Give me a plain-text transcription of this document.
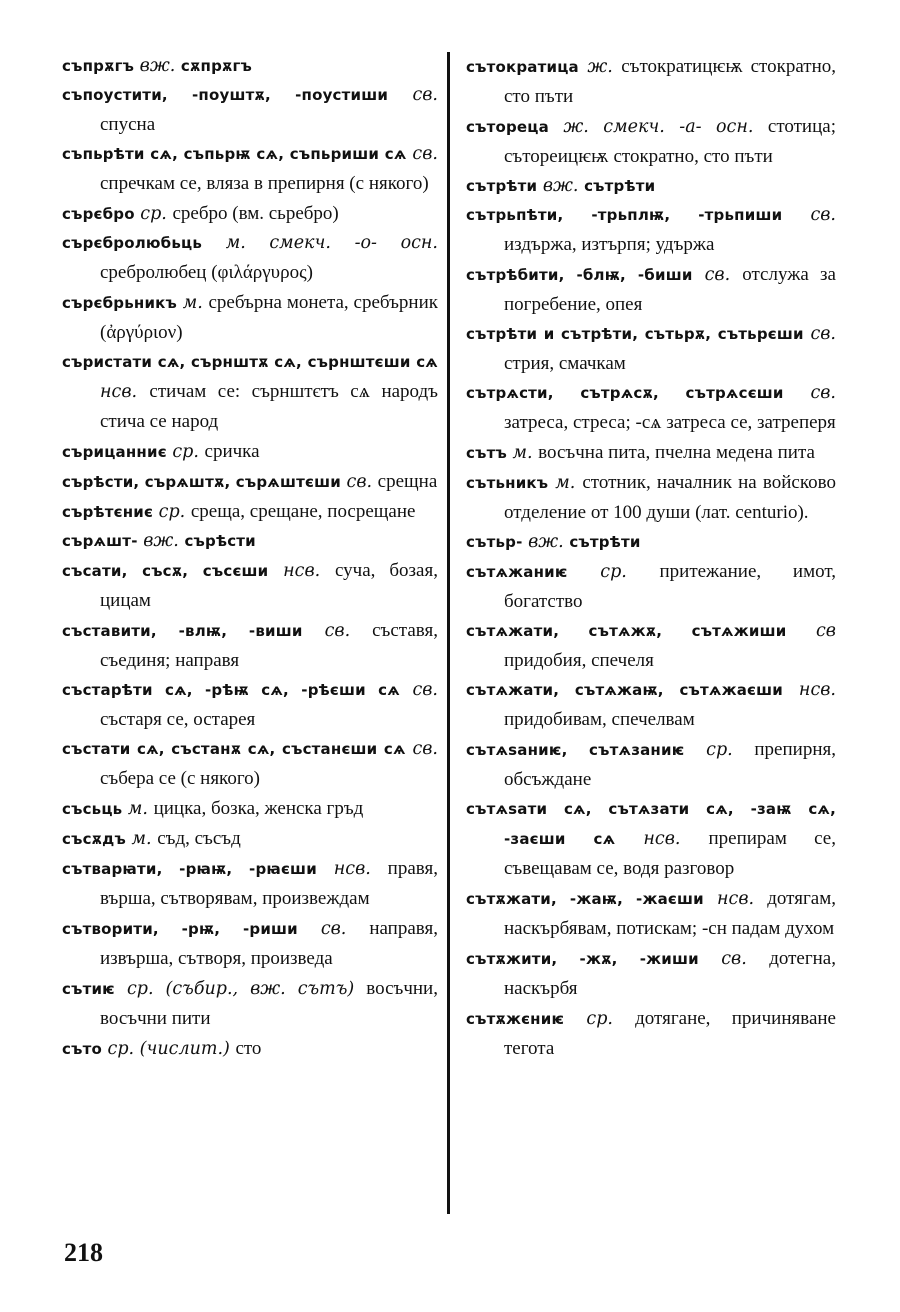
съпрѫгъ вж. сѫпрѫгъ

съпоустити, -поуштѫ, -поустиши св. спусна

съпьрѣти сѧ, съпьрѭ сѧ, съпьриши сѧ св. спречкам се, вляза в препирня (с някого)

сърєбро ср. сребро (вм. сьребро)

сърєбролюбьць м. смекч. -о- осн. сребролюбец (φιλάργυρος)

сърєбрьникъ м. сребърна монета, сребърник (ἀργύριον)

съристати сѧ, сърнштѫ сѧ, сърнштєши сѧ нсв. стичам се: сърнштєтъ сѧ народъ стича се народ

сърицанниє ср. сричка

сърѣсти, сърѧштѫ, сърѧштєши св. срещна

сърѣтєниє ср. среща, срещане, посрещане

сърѧшт- вж. сърѣсти

съсати, съсѫ, съсєши нсв. суча, бозая, цицам

съставити, -влѭ, -виши св. съставя, съединя; направя

състарѣти сѧ, -рѣѭ сѧ, -рѣєши сѧ св. състаря се, остарея

състати сѧ, състанѫ сѧ, състанєши сѧ св. събера се (с някого)

съсьць м. цицка, бозка, женска гръд

съсѫдъ м. съд, съсъд

сътварꙗти, -рꙗѭ, -рꙗєши нсв. правя, върша, сътворявам, произвеждам

сътворити, -рѭ, -риши св. направя, извърша, сътворя, произведа

сътиѥ ср. (събир., вж. сътъ) восъчни, восъчни пити

съто ср. (числит.) сто

сътократица ж. сътократицѥѭ стократно, сто пъти

сътореца ж. смекч. -а- осн. стотица; сътореицѥѭ стократно, сто пъти

сътрѣти вж. сътрѣти

сътрьпѣти, -трьплѭ, -трьпиши св. издържа, изтърпя; удържа

сътрѣбити, -блѭ, -биши св. отслужа за погребение, опея

сътрѣти и сътрѣти, сътьрѫ, сътьрєши св. стрия, смачкам

сътрѧсти, сътрѧсѫ, сътрѧсєши св. затреса, стреса; -сѧ затреса се, затреперя

сътъ м. восъчна пита, пчелна медена пита

сътьникъ м. стотник, началник на войсково отделение от 100 души (лат. centurio).

сътьр- вж. сътрѣти

сътѧжаниѥ ср. притежание, имот, богатство

сътѧжати, сътѧжѫ, сътѧжиши св придобия, спечеля

сътѧжати, сътѧжаѭ, сътѧжаєши нсв. придобивам, спечелвам

сътѧѕаниѥ, сътѧзаниѥ ср. препирня, обсъждане

сътѧѕати сѧ, сътѧзати сѧ, -заѭ сѧ, -заєши сѧ нсв. препирам се, съвещавам се, водя разговор

сътѫжати, -жаѭ, -жаєши нсв. дотягам, наскърбявам, потискам; -сн падам духом

сътѫжити, -жѫ, -жиши св. дотегна, наскърбя

сътѫжєниѥ ср. дотягане, причиняване тегота

218
